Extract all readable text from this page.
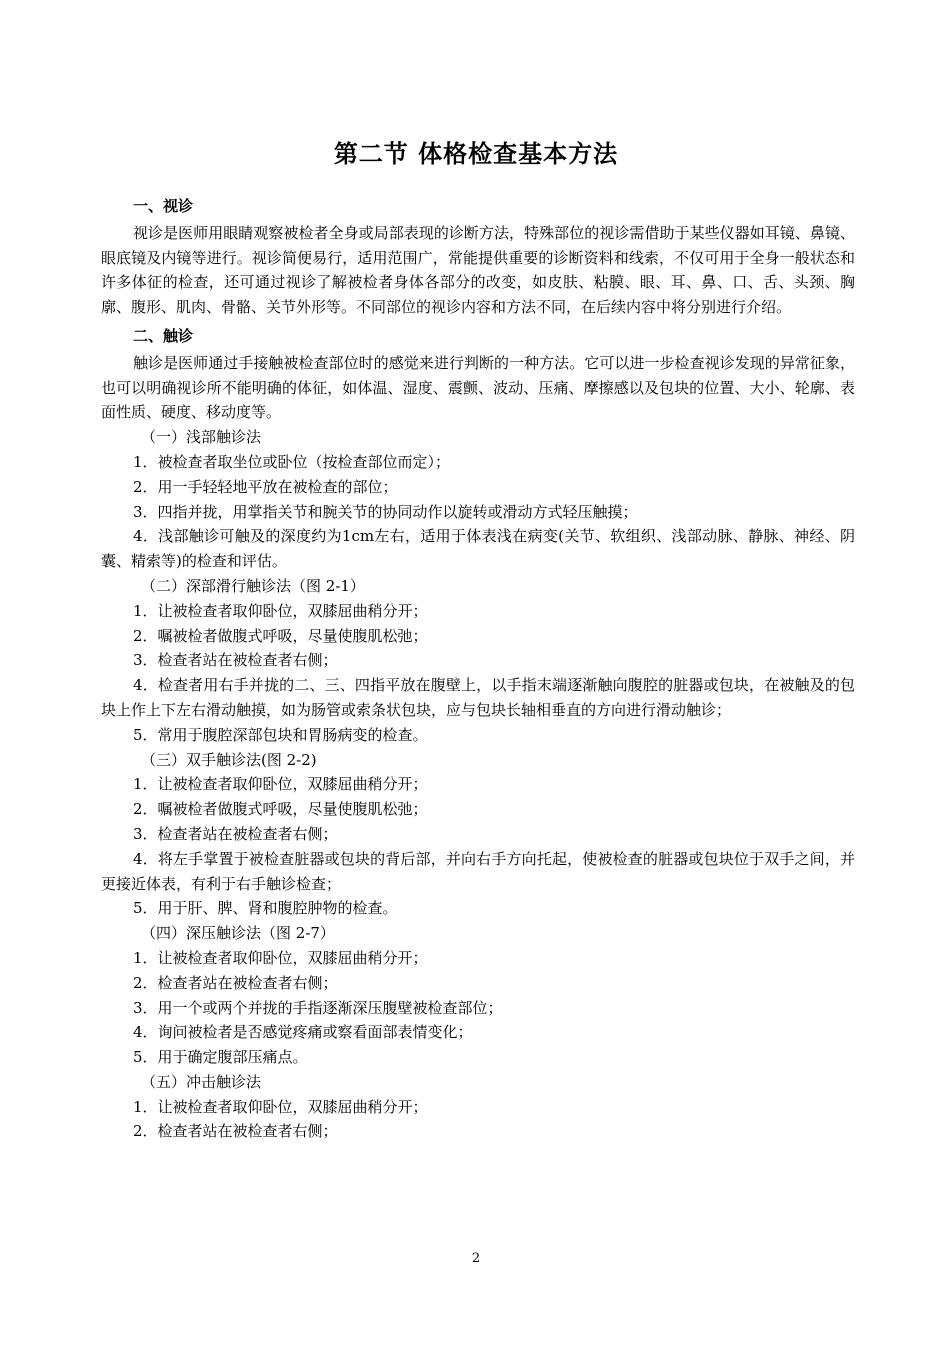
第二节 体格检查基本方法

一、视诊

视诊是医师用眼睛观察被检者全身或局部表现的诊断方法，特殊部位的视诊需借助于某些仪器如耳镜、鼻镜、眼底镜及内镜等进行。视诊简便易行，适用范围广，常能提供重要的诊断资料和线索，不仅可用于全身一般状态和许多体征的检查，还可通过视诊了解被检者身体各部分的改变，如皮肤、粘膜、眼、耳、鼻、口、舌、头颈、胸廓、腹形、肌肉、骨骼、关节外形等。不同部位的视诊内容和方法不同，在后续内容中将分别进行介绍。

二、触诊

触诊是医师通过手接触被检查部位时的感觉来进行判断的一种方法。它可以进一步检查视诊发现的异常征象，也可以明确视诊所不能明确的体征，如体温、湿度、震颤、波动、压痛、摩擦感以及包块的位置、大小、轮廓、表面性质、硬度、移动度等。

（一）浅部触诊法

1．被检查者取坐位或卧位（按检查部位而定）；

2．用一手轻轻地平放在被检查的部位；

3．四指并拢，用掌指关节和腕关节的协同动作以旋转或滑动方式轻压触摸；

4．浅部触诊可触及的深度约为1cm左右，适用于体表浅在病变(关节、软组织、浅部动脉、静脉、神经、阴囊、精索等)的检查和评估。

（二）深部滑行触诊法（图 2-1）

1．让被检查者取仰卧位，双膝屈曲稍分开；

2．嘱被检者做腹式呼吸，尽量使腹肌松弛；

3．检查者站在被检查者右侧；

4．检查者用右手并拢的二、三、四指平放在腹壁上，以手指末端逐渐触向腹腔的脏器或包块，在被触及的包块上作上下左右滑动触摸，如为肠管或索条状包块，应与包块长轴相垂直的方向进行滑动触诊；

5．常用于腹腔深部包块和胃肠病变的检查。

（三）双手触诊法(图 2-2)

1．让被检查者取仰卧位，双膝屈曲稍分开；

2．嘱被检者做腹式呼吸，尽量使腹肌松弛；

3．检查者站在被检查者右侧；

4．将左手掌置于被检查脏器或包块的背后部，并向右手方向托起，使被检查的脏器或包块位于双手之间，并更接近体表，有利于右手触诊检查；

5．用于肝、脾、肾和腹腔肿物的检查。

（四）深压触诊法（图 2-7）

1．让被检查者取仰卧位，双膝屈曲稍分开；

2．检查者站在被检查者右侧；

3．用一个或两个并拢的手指逐渐深压腹壁被检查部位；

4．询问被检者是否感觉疼痛或察看面部表情变化；

5．用于确定腹部压痛点。

（五）冲击触诊法

1．让被检查者取仰卧位，双膝屈曲稍分开；

2．检查者站在被检查者右侧；

2
